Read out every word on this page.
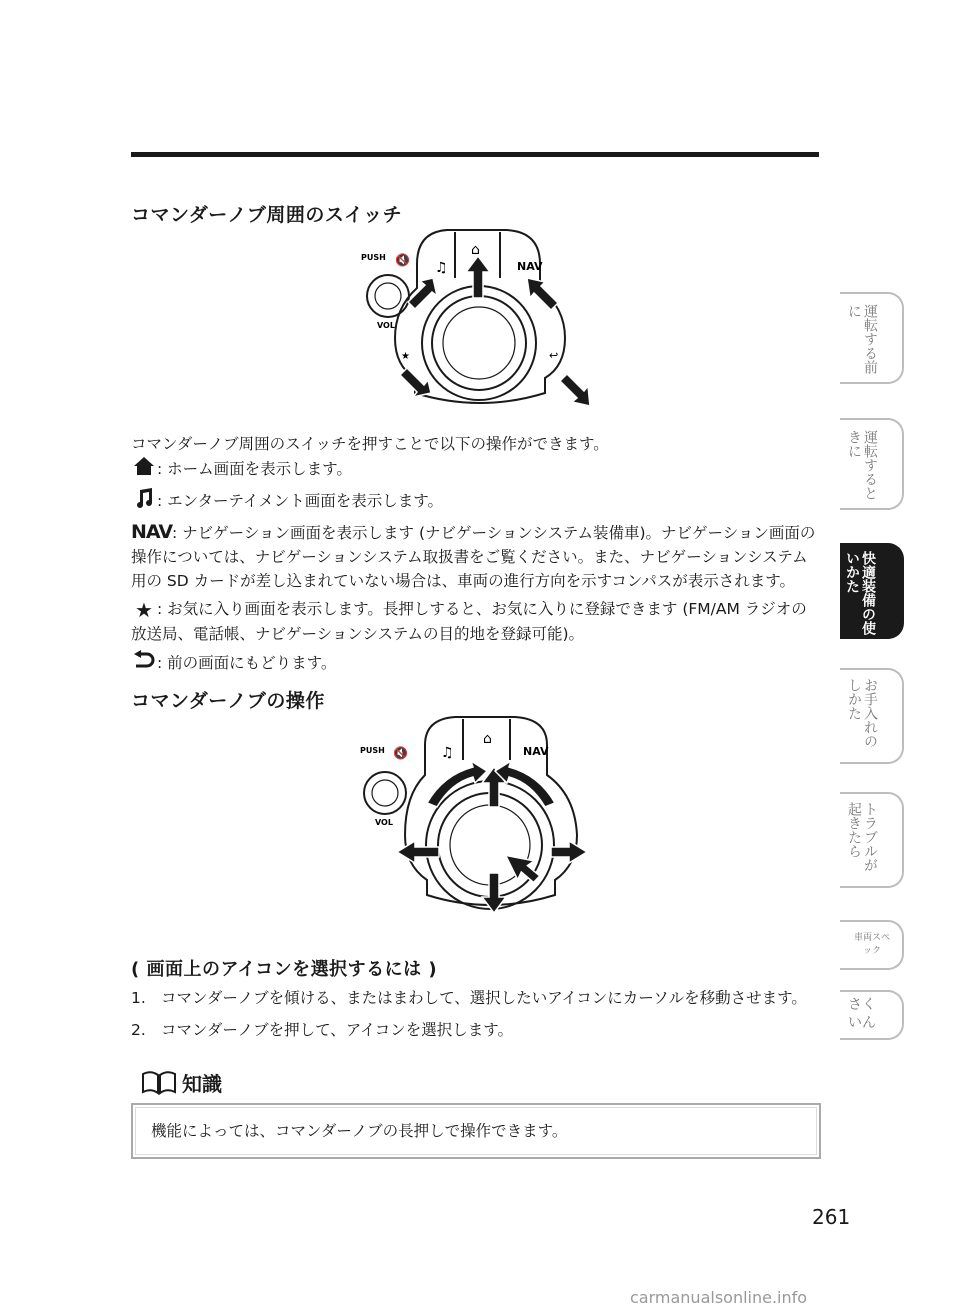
コマンダーノブ周囲のスイッチ
PUSH
VOL
NAV
♫
⌂
★	↩
🔇
コマンダーノブ周囲のスイッチを押すことで以下の操作ができます。
: ホーム画面を表示します。
: エンターテイメント画面を表示します。
NAV: ナビゲーション画面を表示します (ナビゲーションシステム装備車)。ナビゲーション画面の操作については、ナビゲーションシステム取扱書をご覧ください。また、ナビゲーションシステム用の SD カードが差し込まれていない場合は、車両の進行方向を示すコンパスが表示されます。
★ : お気に入り画面を表示します。長押しすると、お気に入りに登録できます (FM/AM ラジオの放送局、電話帳、ナビゲーションシステムの目的地を登録可能)。
: 前の画面にもどります。
コマンダーノブの操作
PUSH
VOL
NAV
♫
⌂
🔇
( 画面上のアイコンを選択するには )
1. コマンダーノブを傾ける、またはまわして、選択したいアイコンにカーソルを移動させます。
2. コマンダーノブを押して、アイコンを選択します。
知識
機能によっては、コマンダーノブの長押しで操作できます。
261
運転する前に
運転するときに
快適装備の使いかた
お手入れのしかた
トラブルが起きたら
車両スペック
さくいん
carmanualsonline.info
